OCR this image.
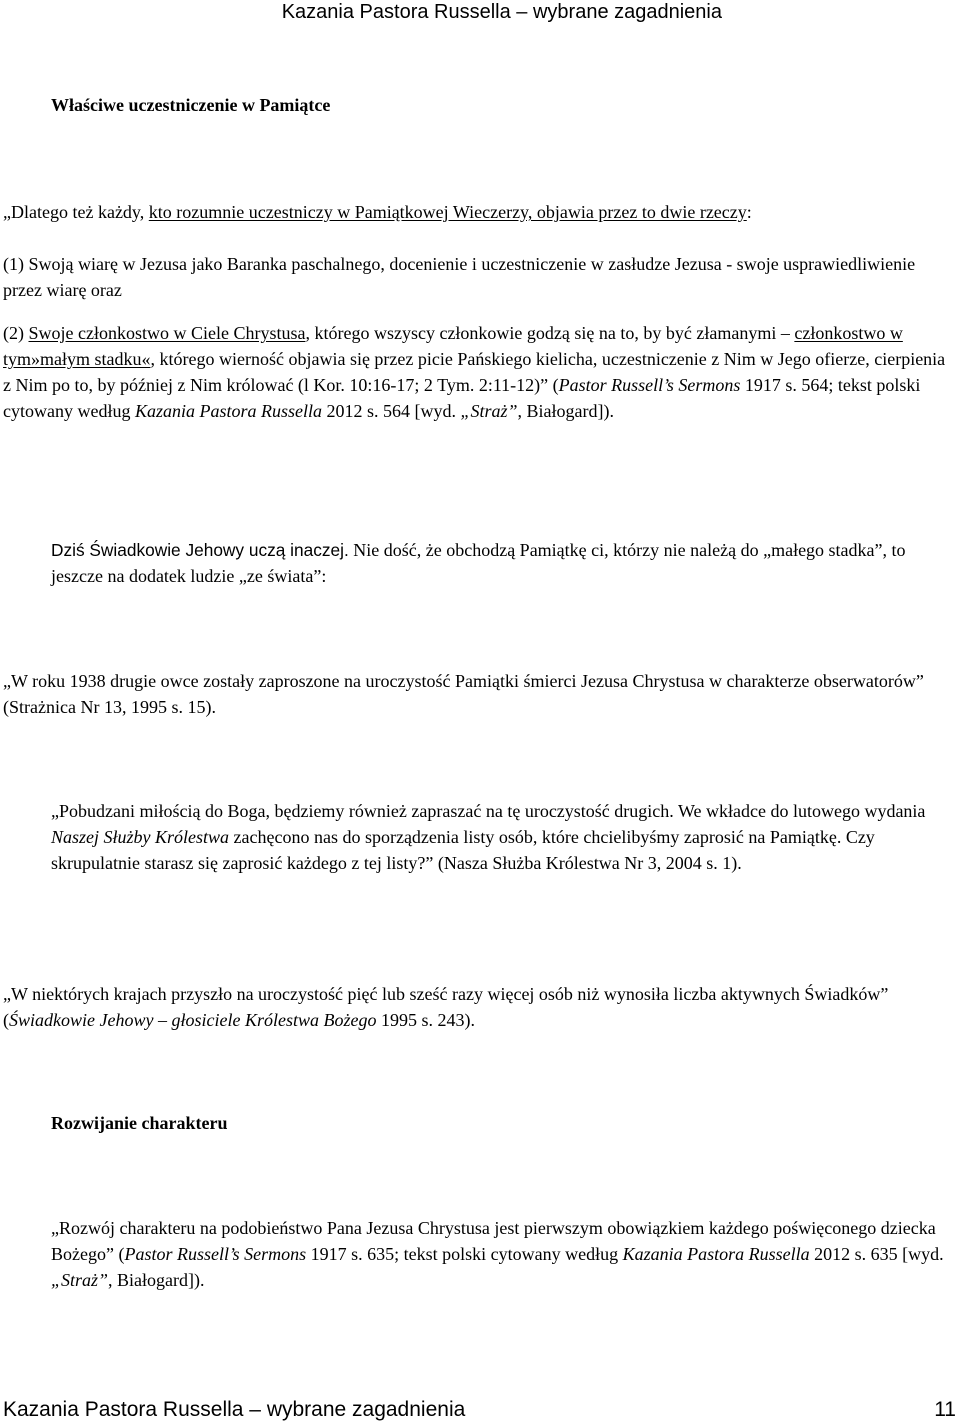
Kazania Pastora Russella – wybrane zagadnienia
Właściwe uczestniczenie w Pamiątce
„Dlatego też każdy, kto rozumnie uczestniczy w Pamiątkowej Wieczerzy, objawia przez to dwie rzeczy:
(1) Swoją wiarę w Jezusa jako Baranka paschalnego, docenienie i uczestniczenie w zasłudze Jezusa - swoje usprawiedliwienie przez wiarę oraz
(2) Swoje członkostwo w Ciele Chrystusa, którego wszyscy członkowie godzą się na to, by być złamanymi – członkostwo w tym»małym stadku«, którego wierność objawia się przez picie Pańskiego kielicha, uczestniczenie z Nim w Jego ofierze, cierpienia z Nim po to, by później z Nim królować (l Kor. 10:16-17; 2 Tym. 2:11-12)” (Pastor Russell’s Sermons 1917 s. 564; tekst polski cytowany według Kazania Pastora Russella 2012 s. 564 [wyd. „Straż”, Białogard]).
Dziś Świadkowie Jehowy uczą inaczej. Nie dość, że obchodzą Pamiątkę ci, którzy nie należą do „małego stadka”, to jeszcze na dodatek ludzie „ze świata”:
„W roku 1938 drugie owce zostały zaproszone na uroczystość Pamiątki śmierci Jezusa Chrystusa w charakterze obserwatorów” (Strażnica Nr 13, 1995 s. 15).
„Pobudzani miłością do Boga, będziemy również zapraszać na tę uroczystość drugich. We wkładce do lutowego wydania Naszej Służby Królestwa zachęcono nas do sporządzenia listy osób, które chcielibyśmy zaprosić na Pamiątkę. Czy skrupulatnie starasz się zaprosić każdego z tej listy?” (Nasza Służba Królestwa Nr 3, 2004 s. 1).
„W niektórych krajach przyszło na uroczystość pięć lub sześć razy więcej osób niż wynosiła liczba aktywnych Świadków” (Świadkowie Jehowy – głosiciele Królestwa Bożego 1995 s. 243).
Rozwijanie charakteru
„Rozwój charakteru na podobieństwo Pana Jezusa Chrystusa jest pierwszym obowiązkiem każdego poświęconego dziecka Bożego” (Pastor Russell’s Sermons 1917 s. 635; tekst polski cytowany według Kazania Pastora Russella 2012 s. 635 [wyd. „Straż”, Białogard]).
Kazania Pastora Russella – wybrane zagadnienia	11
